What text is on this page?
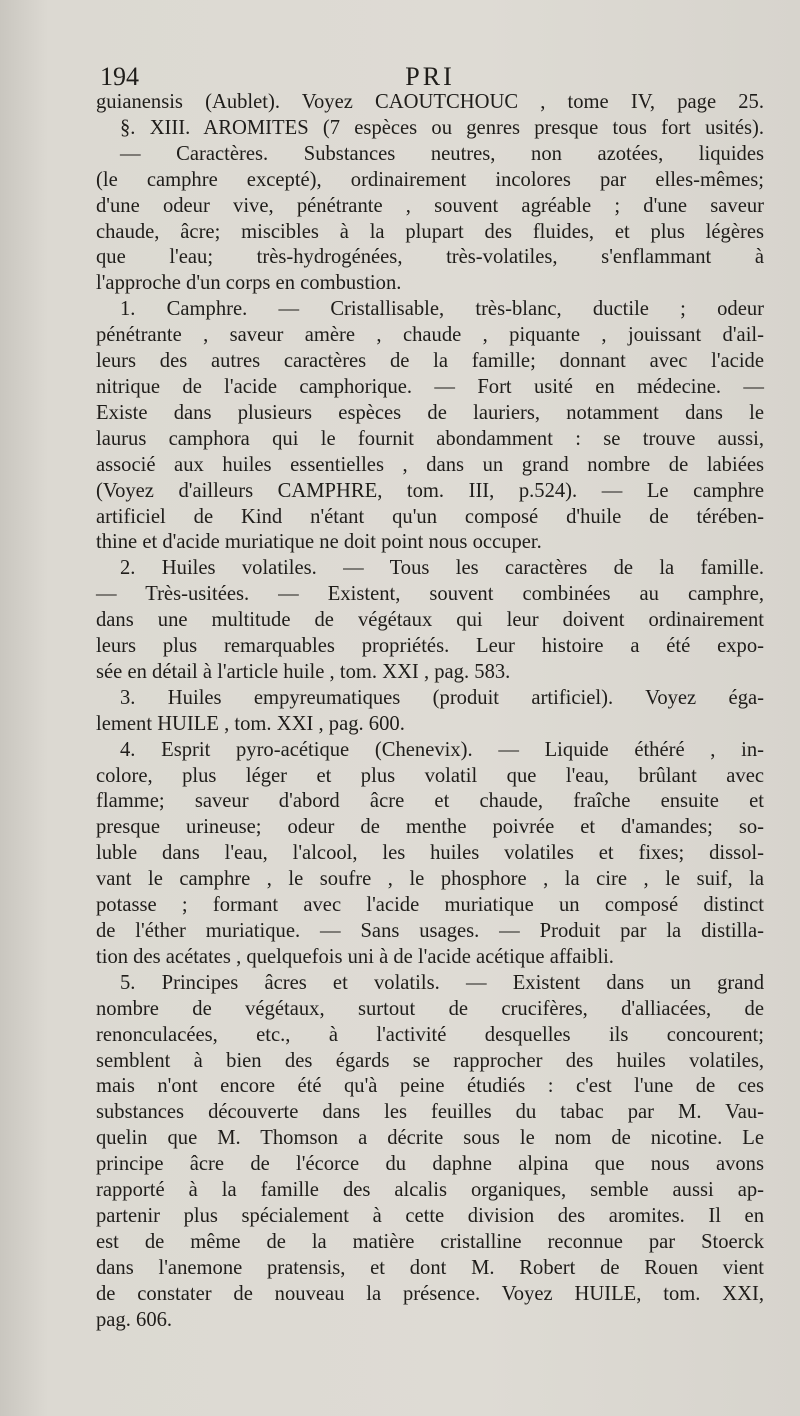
194	PRI
guianensis (Aublet). Voyez CAOUTCHOUC , tome IV, page 25.
§. XIII. AROMITES (7 espèces ou genres presque tous fort usités).
— Caractères. Substances neutres, non azotées, liquides
(le camphre excepté), ordinairement incolores par elles-mêmes;
d'une odeur vive, pénétrante , souvent agréable ; d'une saveur
chaude, âcre; miscibles à la plupart des fluides, et plus légères
que l'eau; très-hydrogénées, très-volatiles, s'enflammant à
l'approche d'un corps en combustion.
1. Camphre. — Cristallisable, très-blanc, ductile ; odeur
pénétrante , saveur amère , chaude , piquante , jouissant d'ail-
leurs des autres caractères de la famille; donnant avec l'acide
nitrique de l'acide camphorique. — Fort usité en médecine. —
Existe dans plusieurs espèces de lauriers, notamment dans le
laurus camphora qui le fournit abondamment : se trouve aussi,
associé aux huiles essentielles , dans un grand nombre de labiées
(Voyez d'ailleurs CAMPHRE, tom. III, p.524). — Le camphre
artificiel de Kind n'étant qu'un composé d'huile de térében-
thine et d'acide muriatique ne doit point nous occuper.
2. Huiles volatiles. — Tous les caractères de la famille.
— Très-usitées. — Existent, souvent combinées au camphre,
dans une multitude de végétaux qui leur doivent ordinairement
leurs plus remarquables propriétés. Leur histoire a été expo-
sée en détail à l'article huile , tom. XXI , pag. 583.
3. Huiles empyreumatiques (produit artificiel). Voyez éga-
lement HUILE , tom. XXI , pag. 600.
4. Esprit pyro-acétique (Chenevix). — Liquide éthéré , in-
colore, plus léger et plus volatil que l'eau, brûlant avec
flamme; saveur d'abord âcre et chaude, fraîche ensuite et
presque urineuse; odeur de menthe poivrée et d'amandes; so-
luble dans l'eau, l'alcool, les huiles volatiles et fixes; dissol-
vant le camphre , le soufre , le phosphore , la cire , le suif, la
potasse ; formant avec l'acide muriatique un composé distinct
de l'éther muriatique. — Sans usages. — Produit par la distilla-
tion des acétates , quelquefois uni à de l'acide acétique affaibli.
5. Principes âcres et volatils. — Existent dans un grand
nombre de végétaux, surtout de crucifères, d'alliacées, de
renonculacées, etc., à l'activité desquelles ils concourent;
semblent à bien des égards se rapprocher des huiles volatiles,
mais n'ont encore été qu'à peine étudiés : c'est l'une de ces
substances découverte dans les feuilles du tabac par M. Vau-
quelin que M. Thomson a décrite sous le nom de nicotine. Le
principe âcre de l'écorce du daphne alpina que nous avons
rapporté à la famille des alcalis organiques, semble aussi ap-
partenir plus spécialement à cette division des aromites. Il en
est de même de la matière cristalline reconnue par Stoerck
dans l'anemone pratensis, et dont M. Robert de Rouen vient
de constater de nouveau la présence. Voyez HUILE, tom. XXI,
pag. 606.
